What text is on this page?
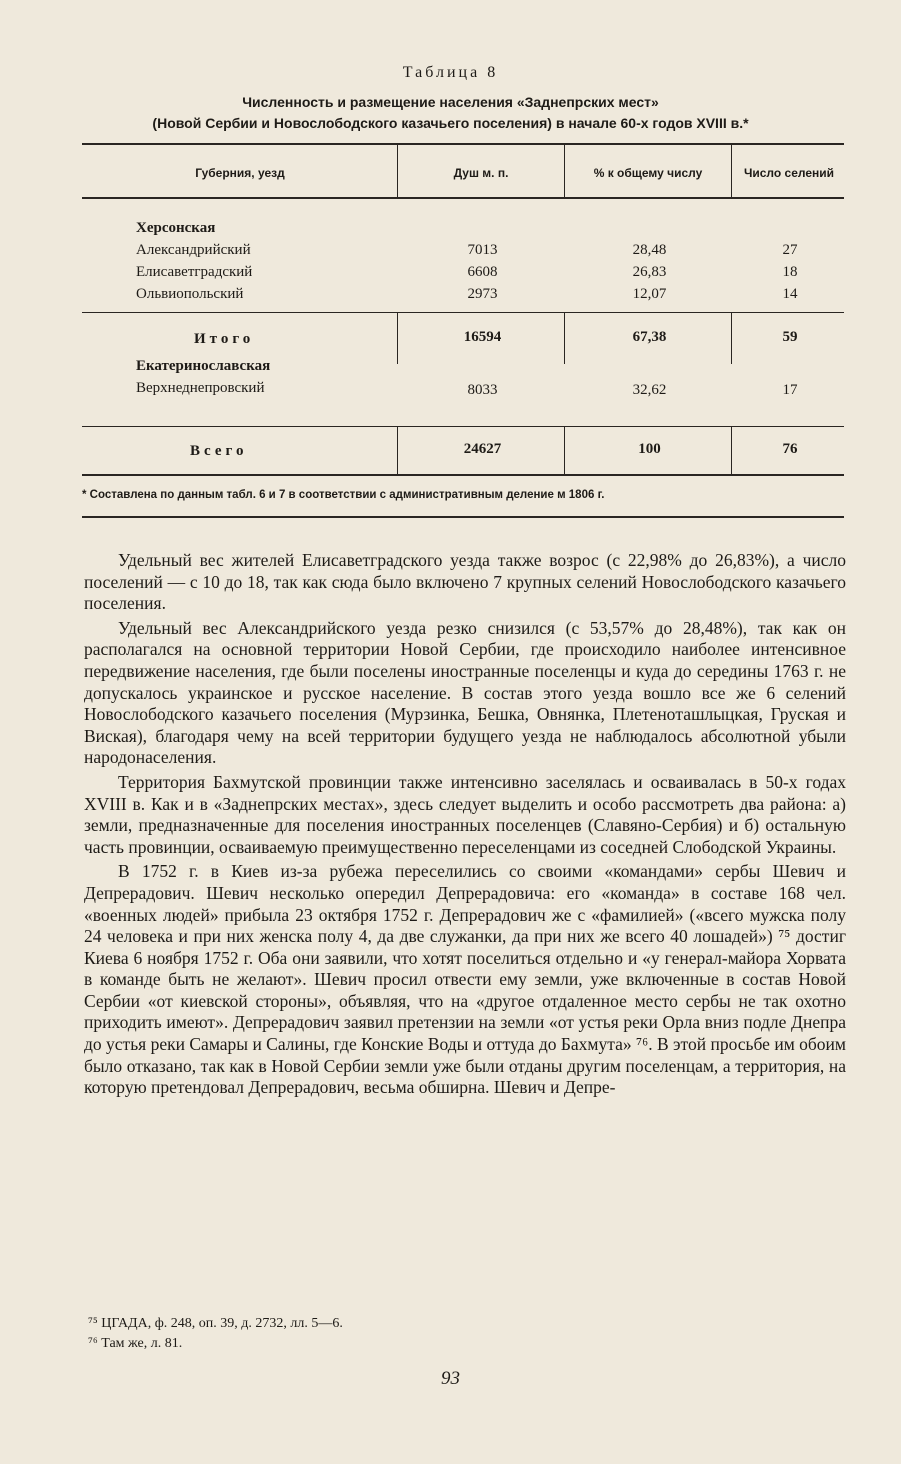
Таблица 8
Численность и размещение населения «Заднепрских мест»
(Новой Сербии и Новослободского казачьего поселения) в начале 60-х годов XVIII в.*
Губерния, уезд	Душ м. п.	% к общему числу	Число селений
Херсонская
Александрийский	7013	28,48	27
Елисаветградский	6608	26,83	18
Ольвиопольский	2973	12,07	14
Итого	16594	67,38	59
Екатеринославская
Верхнеднепровский	8033	32,62	17
Всего	24627	100	76
* Составлена по данным табл. 6 и 7 в соответствии с административным деление м 1806 г.

Удельный вес жителей Елисаветградского уезда также возрос (с 22,98% до 26,83%), а число поселений — с 10 до 18, так как сюда было включено 7 крупных селений Новослободского казачьего поселения.

Удельный вес Александрийского уезда резко снизился (с 53,57% до 28,48%), так как он располагался на основной территории Новой Сербии, где происходило наиболее интенсивное передвижение населения, где были поселены иностранные поселенцы и куда до середины 1763 г. не допускалось украинское и русское население. В состав этого уезда вошло все же 6 селений Новослободского казачьего поселения (Мурзинка, Бешка, Овнянка, Плетенoташлыцкая, Груская и Виская), благодаря чему на всей территории будущего уезда не наблюдалось абсолютной убыли народонаселения.

Территория Бахмутской провинции также интенсивно заселялась и осваивалась в 50-х годах XVIII в. Как и в «Заднепрских местах», здесь следует выделить и особо рассмотреть два района: а) земли, предназначенные для поселения иностранных поселенцев (Славяно-Сербия) и б) остальную часть провинции, осваиваемую преимущественно переселенцами из соседней Слободской Украины.

В 1752 г. в Киев из-за рубежа переселились со своими «командами» сербы Шевич и Депрерадович. Шевич несколько опередил Депрерадовича: его «команда» в составе 168 чел. «военных людей» прибыла 23 октября 1752 г. Депрерадович же с «фамилией» («всего мужска полу 24 человека и при них женска полу 4, да две служанки, да при них же всего 40 лошадей») ⁷⁵ достиг Киева 6 ноября 1752 г. Оба они заявили, что хотят поселиться отдельно и «у генерал-майора Хорвата в команде быть не желают». Шевич просил отвести ему земли, уже включенные в состав Новой Сербии «от киевской стороны», объявляя, что на «другое отдаленное место сербы не так охотно приходить имеют». Депрерадович заявил претензии на земли «от устья реки Орла вниз подле Днепра до устья реки Самары и Салины, где Конские Воды и оттуда до Бахмута» ⁷⁶. В этой просьбе им обоим было отказано, так как в Новой Сербии земли уже были отданы другим поселенцам, а территория, на которую претендовал Депрерадович, весьма обширна. Шевич и Депре-

⁷⁵ ЦГАДА, ф. 248, оп. 39, д. 2732, лл. 5—6.
⁷⁶ Там же, л. 81.
93
